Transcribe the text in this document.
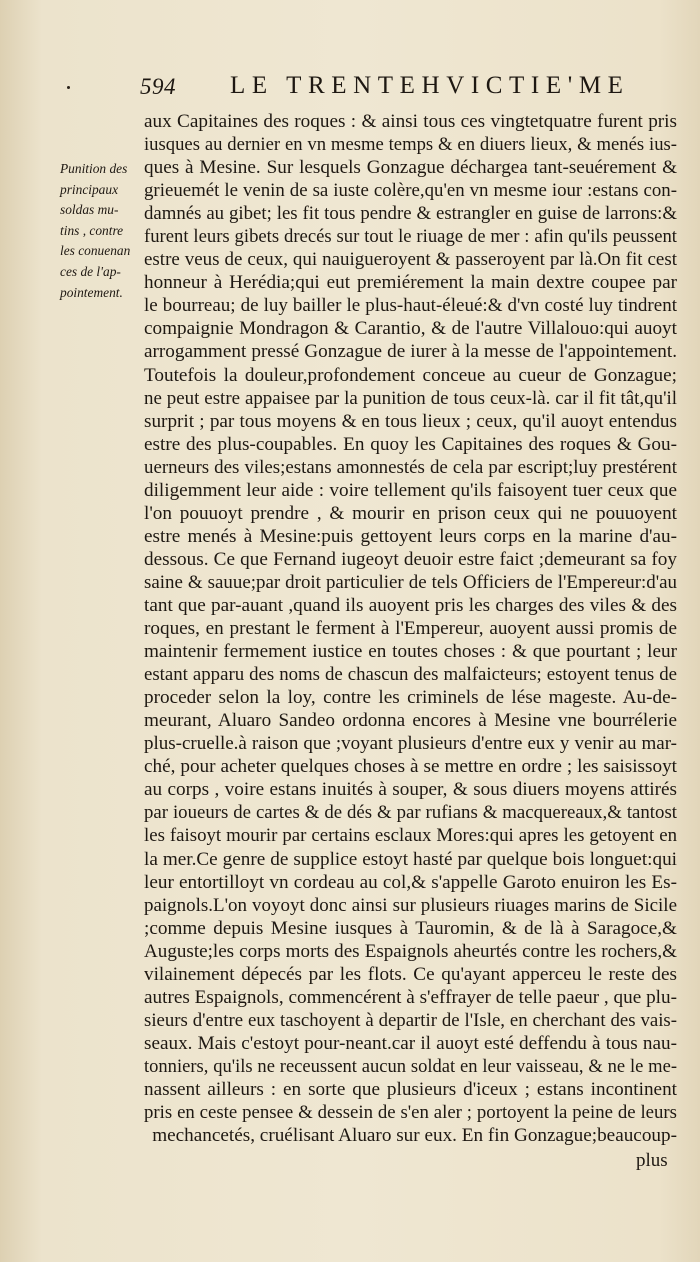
594 LE TRENTEHVICTIE'ME
Punition des
principaux
soldas mu-
tins , contre
les conuenan
ces de l'ap-
pointement.
aux Capitaines des roques : & ainsi tous ces vingtetquatre furent pris
iusques au dernier en vn mesme temps & en diuers lieux, & menés ius-
ques à Mesine. Sur lesquels Gonzague déchargea tant-seuérement &
grieuemét le venin de sa iuste colère,qu'en vn mesme iour :estans con-
damnés au gibet; les fit tous pendre & estrangler en guise de larrons:&
furent leurs gibets drecés sur tout le riuage de mer : afin qu'ils peussent
estre veus de ceux, qui nauigueroyent & passeroyent par là.On fit cest
honneur à Herédia;qui eut premiérement la main dextre coupee par
le bourreau; de luy bailler le plus-haut-éleué:& d'vn costé luy tindrent
compaignie Mondragon & Carantio, & de l'autre Villalouo:qui auoyt
arrogamment pressé Gonzague de iurer à la messe de l'appointement.
Toutefois la douleur,profondement conceue au cueur de Gonzague;
ne peut estre appaisee par la punition de tous ceux-là. car il fit tât,qu'il
surprit ; par tous moyens & en tous lieux ; ceux, qu'il auoyt entendus
estre des plus-coupables. En quoy les Capitaines des roques & Gou-
uerneurs des viles;estans amonnestés de cela par escript;luy prestérent
diligemment leur aide : voire tellement qu'ils faisoyent tuer ceux que
l'on pouuoyt prendre , & mourir en prison ceux qui ne pouuoyent
estre menés à Mesine:puis gettoyent leurs corps en la marine d'au-
dessous. Ce que Fernand iugeoyt deuoir estre faict ;demeurant sa foy
saine & sauue;par droit particulier de tels Officiers de l'Empereur:d'au
tant que par-auant ,quand ils auoyent pris les charges des viles & des
roques, en prestant le ferment à l'Empereur, auoyent aussi promis de
maintenir fermement iustice en toutes choses : & que pourtant ; leur
estant apparu des noms de chascun des malfaicteurs; estoyent tenus de
proceder selon la loy, contre les criminels de lése mageste. Au-de-
meurant, Aluaro Sandeo ordonna encores à Mesine vne bourrélerie
plus-cruelle.à raison que ;voyant plusieurs d'entre eux y venir au mar-
ché, pour acheter quelques choses à se mettre en ordre ; les saisissoyt
au corps , voire estans inuités à souper, & sous diuers moyens attirés
par ioueurs de cartes & de dés & par rufians & macquereaux,& tantost
les faisoyt mourir par certains esclaux Mores:qui apres les getoyent en
la mer.Ce genre de supplice estoyt hasté par quelque bois longuet:qui
leur entortilloyt vn cordeau au col,& s'appelle Garoto enuiron les Es-
paignols.L'on voyoyt donc ainsi sur plusieurs riuages marins de Sicile
;comme depuis Mesine iusques à Tauromin, & de là à Saragoce,&
Auguste;les corps morts des Espaignols aheurtés contre les rochers,&
vilainement dépecés par les flots. Ce qu'ayant apperceu le reste des
autres Espaignols, commencérent à s'effrayer de telle paeur , que plu-
sieurs d'entre eux taschoyent à departir de l'Isle, en cherchant des vais-
seaux. Mais c'estoyt pour-neant.car il auoyt esté deffendu à tous nau-
tonniers, qu'ils ne receussent aucun soldat en leur vaisseau, & ne le me-
nassent ailleurs : en sorte que plusieurs d'iceux ; estans incontinent
pris en ceste pensee & dessein de s'en aler ; portoyent la peine de leurs
mechancetés, cruélisant Aluaro sur eux. En fin Gonzague;beaucoup-
plus
